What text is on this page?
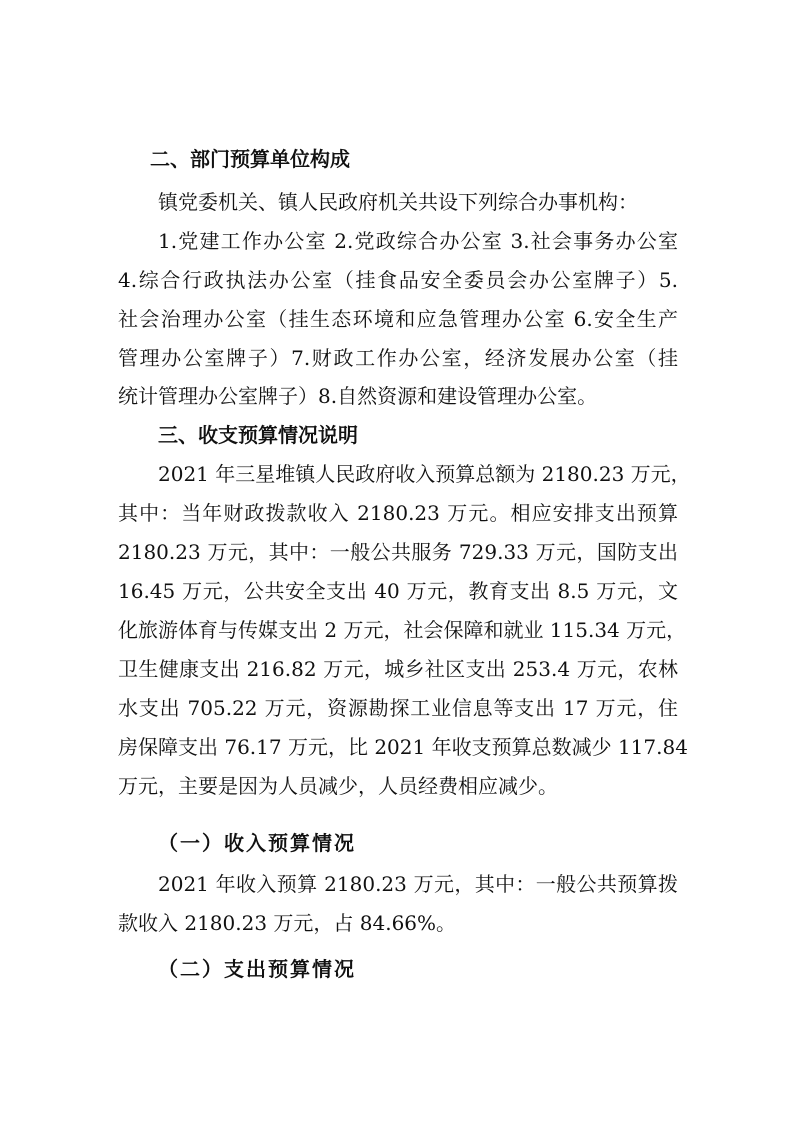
二、部门预算单位构成
镇党委机关、镇人民政府机关共设下列综合办事机构：
1.党建工作办公室 2.党政综合办公室 3.社会事务办公室
4.综合行政执法办公室（挂食品安全委员会办公室牌子）5.
社会治理办公室（挂生态环境和应急管理办公室 6.安全生产
管理办公室牌子）7.财政工作办公室，经济发展办公室（挂
统计管理办公室牌子）8.自然资源和建设管理办公室。
三、收支预算情况说明
2021 年三星堆镇人民政府收入预算总额为 2180.23 万元，
其中：当年财政拨款收入 2180.23 万元。相应安排支出预算
2180.23 万元，其中：一般公共服务 729.33 万元，国防支出
16.45 万元，公共安全支出 40 万元，教育支出 8.5 万元，文
化旅游体育与传媒支出 2 万元，社会保障和就业 115.34 万元，
卫生健康支出 216.82 万元，城乡社区支出 253.4 万元，农林
水支出 705.22 万元，资源勘探工业信息等支出 17 万元，住
房保障支出 76.17 万元，比 2021 年收支预算总数减少 117.84
万元，主要是因为人员减少，人员经费相应减少。
（一）收入预算情况
2021 年收入预算 2180.23 万元，其中：一般公共预算拨
款收入 2180.23 万元，占 84.66%。
（二）支出预算情况
